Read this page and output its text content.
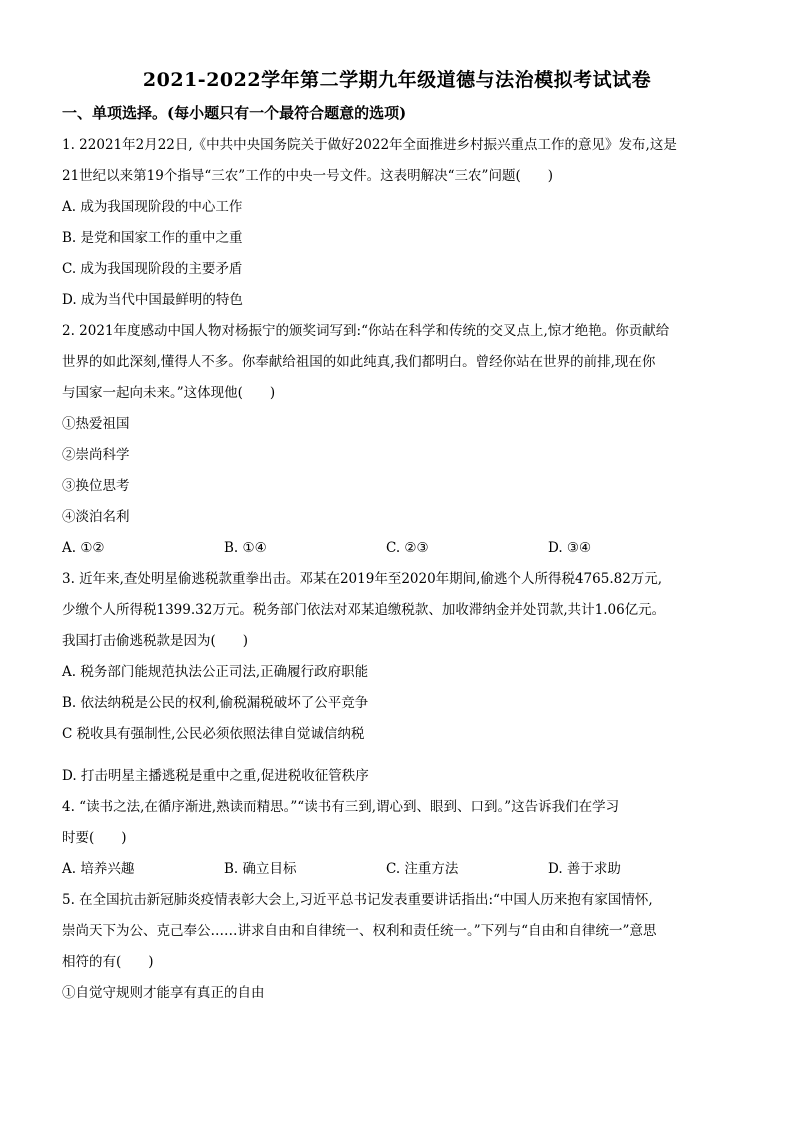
2021-2022学年第二学期九年级道德与法治模拟考试试卷
一、单项选择。(每小题只有一个最符合题意的选项)

1. 22021年2月22日,《中共中央国务院关于做好2022年全面推进乡村振兴重点工作的意见》发布,这是

21世纪以来第19个指导“三农”工作的中央一号文件。这表明解决“三农”问题(　　)

A. 成为我国现阶段的中心工作

B. 是党和国家工作的重中之重

C. 成为我国现阶段的主要矛盾

D. 成为当代中国最鲜明的特色

2. 2021年度感动中国人物对杨振宁的颁奖词写到:“你站在科学和传统的交叉点上,惊才绝艳。你贡献给

世界的如此深刻,懂得人不多。你奉献给祖国的如此纯真,我们都明白。曾经你站在世界的前排,现在你

与国家一起向未来。”这体现他(　　)

①热爱祖国

②崇尚科学

③换位思考

④淡泊名利

A. ①②	B. ①④	C. ②③	D. ③④

3. 近年来,查处明星偷逃税款重拳出击。邓某在2019年至2020年期间,偷逃个人所得税4765.82万元,

少缴个人所得税1399.32万元。税务部门依法对邓某追缴税款、加收滞纳金并处罚款,共计1.06亿元。

我国打击偷逃税款是因为(　　)

A. 税务部门能规范执法公正司法,正确履行政府职能

B. 依法纳税是公民的权利,偷税漏税破坏了公平竞争

C 税收具有强制性,公民必须依照法律自觉诚信纳税

D. 打击明星主播逃税是重中之重,促进税收征管秩序

4. “读书之法,在循序渐进,熟读而精思。”“读书有三到,谓心到、眼到、口到。”这告诉我们在学习

时要(　　)

A. 培养兴趣	B. 确立目标	C. 注重方法	D. 善于求助

5. 在全国抗击新冠肺炎疫情表彰大会上,习近平总书记发表重要讲话指出:“中国人历来抱有家国情怀,

崇尚天下为公、克己奉公……讲求自由和自律统一、权利和责任统一。”下列与“自由和自律统一”意思

相符的有(　　)

①自觉守规则才能享有真正的自由
